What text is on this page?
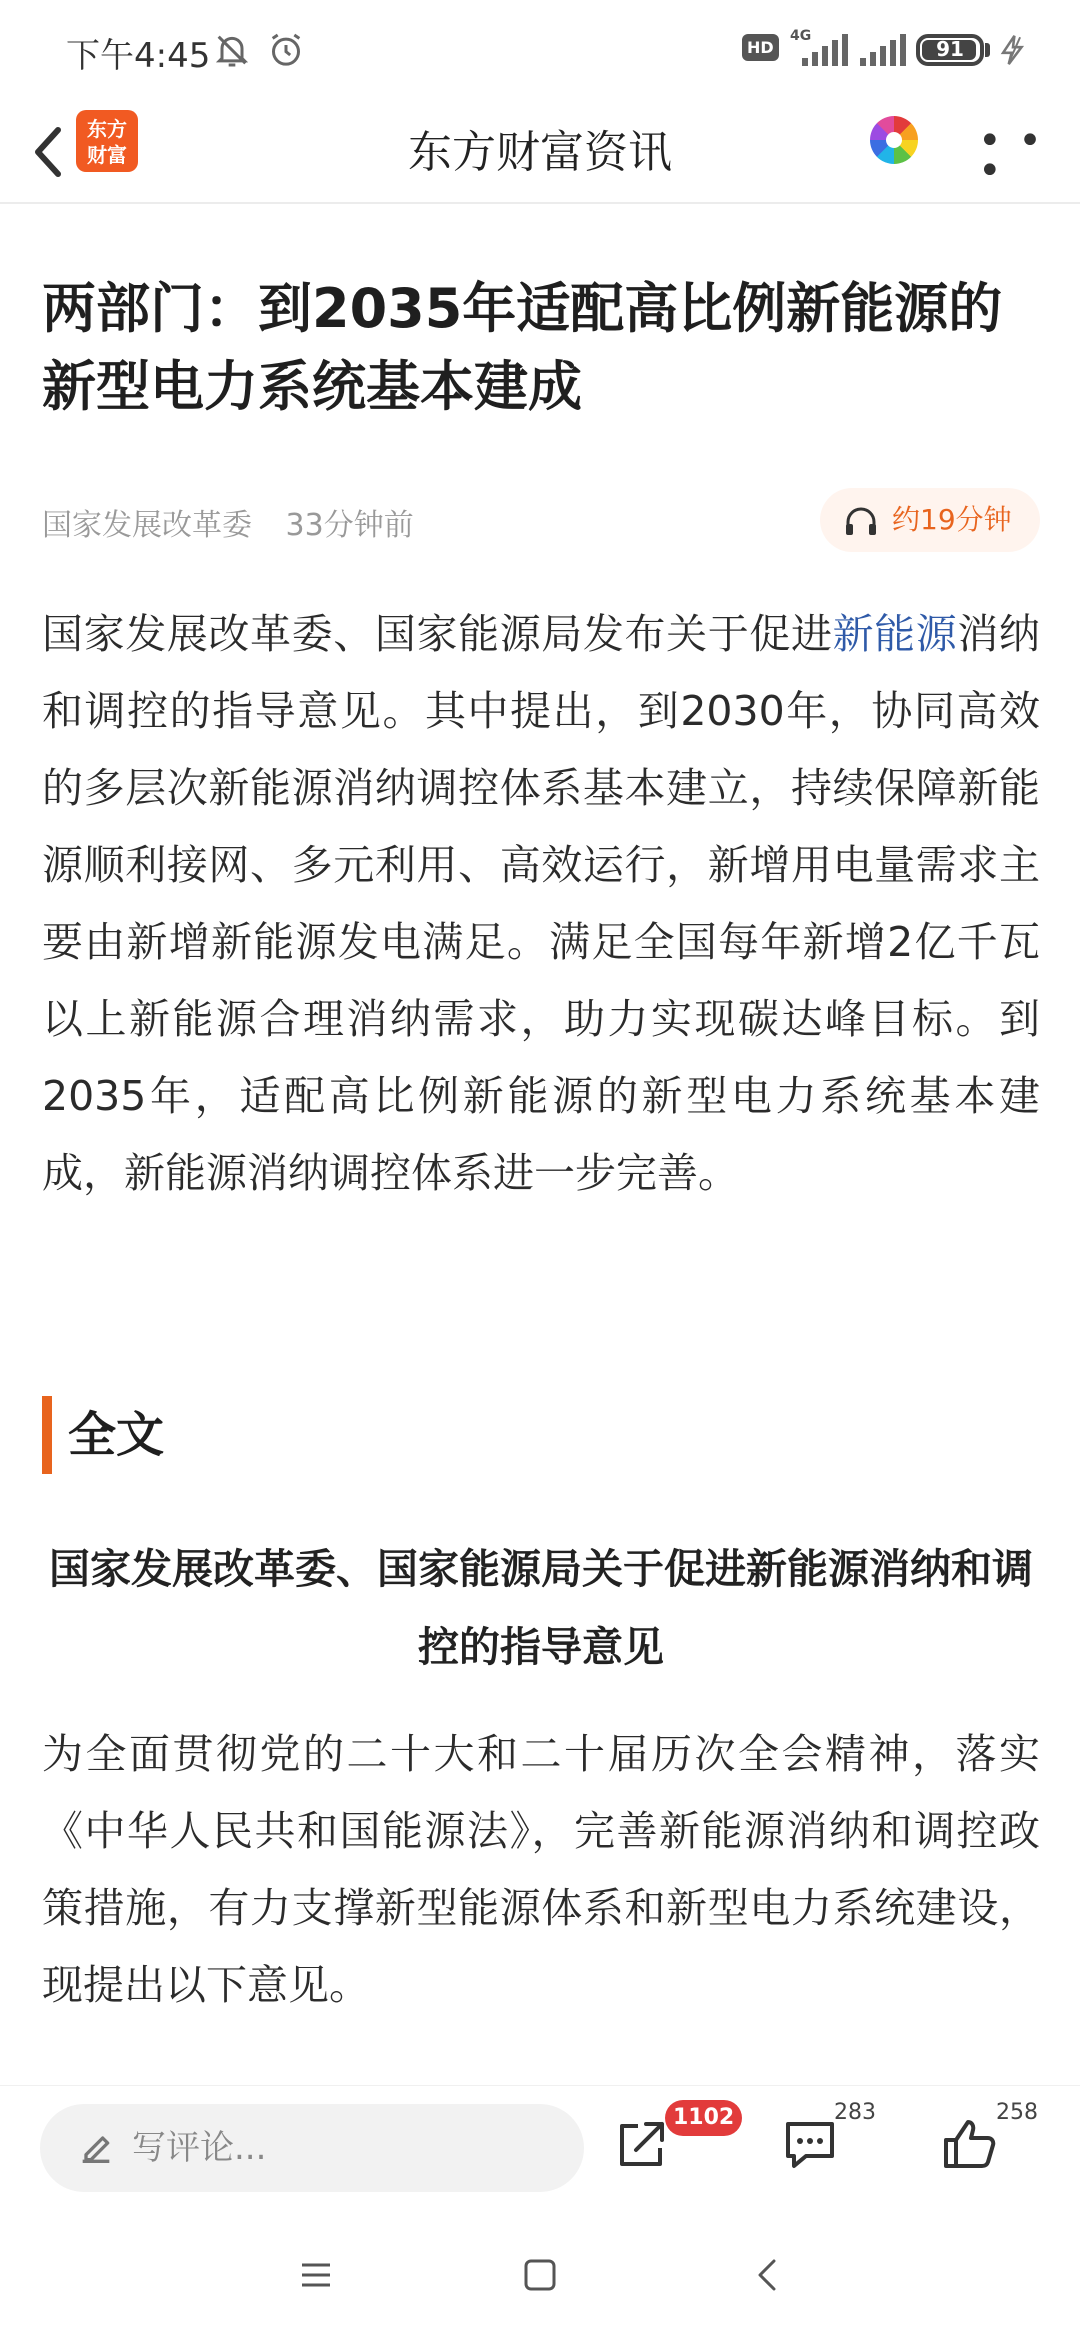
下午4:45	HD
4G
91
东方
财富	东方财富资讯	• • •
两部门：到2035年适配高比例新能源的新型电力系统基本建成
国家发展改革委 33分钟前	约19分钟
国家发展改革委、国家能源局发布关于促进新能源消纳和调控的指导意见。其中提出，到2030年，协同高效的多层次新能源消纳调控体系基本建立，持续保障新能源顺利接网、多元利用、高效运行，新增用电量需求主要由新增新能源发电满足。满足全国每年新增2亿千瓦以上新能源合理消纳需求，助力实现碳达峰目标。到2035年，适配高比例新能源的新型电力系统基本建成，新能源消纳调控体系进一步完善。
全文
国家发展改革委、国家能源局关于促进新能源消纳和调控的指导意见
为全面贯彻党的二十大和二十届历次全会精神，落实《中华人民共和国能源法》，完善新能源消纳和调控政策措施，有力支撑新型能源体系和新型电力系统建设，现提出以下意见。
写评论...
1102	283	258
